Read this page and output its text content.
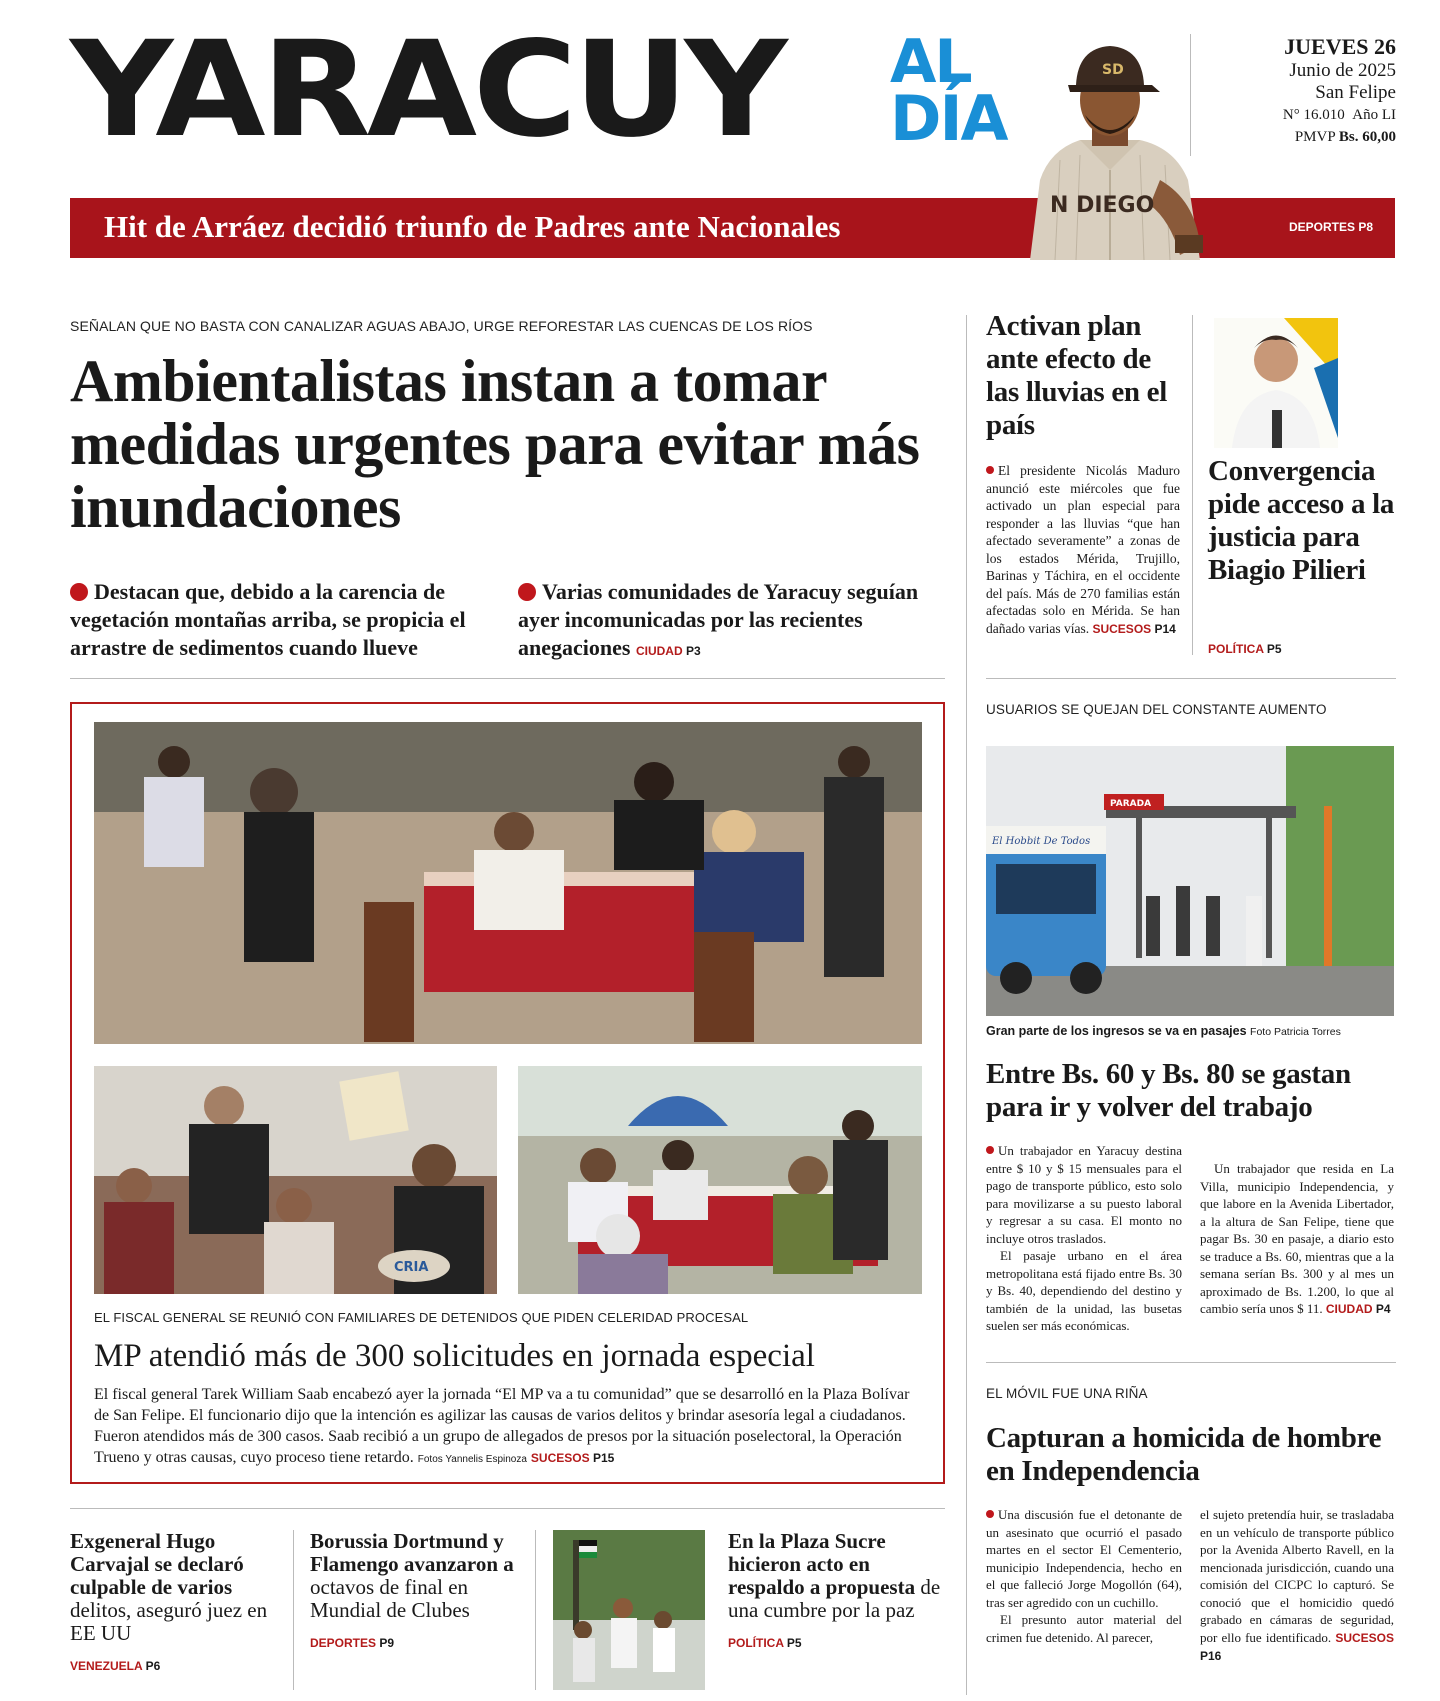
YARACUY AL
DÍA
SD
N DIEGO
JUEVES 26
Junio de 2025
San Felipe
N° 16.010 Año LI
PMVP Bs. 60,00
Hit de Arráez decidió triunfo de Padres ante Nacionales	DEPORTES P8
SEÑALAN QUE NO BASTA CON CANALIZAR AGUAS ABAJO, URGE REFORESTAR LAS CUENCAS DE LOS RÍOS
Ambientalistas instan a tomar medidas urgentes para evitar más inundaciones
Destacan que, debido a la carencia de vegetación montañas arriba, se propicia el arrastre de sedimentos cuando llueve
Varias comunidades de Yaracuy seguían ayer incomunicadas por las recientes anegaciones CIUDAD P3
CRIA
EL FISCAL GENERAL SE REUNIÓ CON FAMILIARES DE DETENIDOS QUE PIDEN CELERIDAD PROCESAL
MP atendió más de 300 solicitudes en jornada especial
El fiscal general Tarek William Saab encabezó ayer la jornada “El MP va a tu comunidad” que se desarrolló en la Plaza Bolívar de San Felipe. El funcionario dijo que la intención es agilizar las causas de varios delitos y brindar asesoría legal a ciudadanos. Fueron atendidos más de 300 casos. Saab recibió a un grupo de allegados de presos por la situación poselectoral, la Operación Trueno y otras causas, cuyo proceso tiene retardo. Fotos Yannelis Espinoza SUCESOS P15
Activan plan ante efecto de las lluvias en el país
El presidente Nicolás Maduro anunció este miércoles que fue activado un plan especial para responder a las lluvias “que han afectado severamente” a zonas de los estados Mérida, Trujillo, Barinas y Táchira, en el occidente del país. Más de 270 familias están afectadas solo en Mérida. Se han dañado varias vías. SUCESOS P14
Convergencia pide acceso a la justicia para Biagio Pilieri
POLÍTICA P5
USUARIOS SE QUEJAN DEL CONSTANTE AUMENTO
El Hobbit De Todos
PARADA
Gran parte de los ingresos se va en pasajes Foto Patricia Torres
Entre Bs. 60 y Bs. 80 se gastan para ir y volver del trabajo
Un trabajador en Yaracuy destina entre $ 10 y $ 15 mensuales para el pago de transporte público, esto solo para movilizarse a su puesto laboral y regresar a su casa. El monto no incluye otros traslados.
El pasaje urbano en el área metropolitana está fijado entre Bs. 30 y Bs. 40, dependiendo del destino y también de la unidad, las busetas suelen ser más económicas.
Un trabajador que resida en La Villa, municipio Independencia, y que labore en la Avenida Libertador, a la altura de San Felipe, tiene que pagar Bs. 30 en pasaje, a diario esto se traduce a Bs. 60, mientras que a la semana serían Bs. 300 y al mes un aproximado de Bs. 1.200, lo que al cambio sería unos $ 11. CIUDAD P4
EL MÓVIL FUE UNA RIÑA
Capturan a homicida de hombre en Independencia
Una discusión fue el detonante de un asesinato que ocurrió el pasado martes en el sector El Cementerio, municipio Independencia, hecho en el que falleció Jorge Mogollón (64), tras ser agredido con un cuchillo.
El presunto autor material del crimen fue detenido. Al parecer,
el sujeto pretendía huir, se trasladaba en un vehículo de transporte público por la Avenida Alberto Ravell, en la mencionada jurisdicción, cuando una comisión del CICPC lo capturó. Se conoció que el homicidio quedó grabado en cámaras de seguridad, por ello fue identificado. SUCESOS P16
Exgeneral Hugo Carvajal se declaró culpable de varios delitos, aseguró juez en EE UU
VENEZUELA P6
Borussia Dortmund y Flamengo avanzaron a octavos de final en Mundial de Clubes
DEPORTES P9
En la Plaza Sucre hicieron acto en respaldo a propuesta de una cumbre por la paz
POLÍTICA P5
